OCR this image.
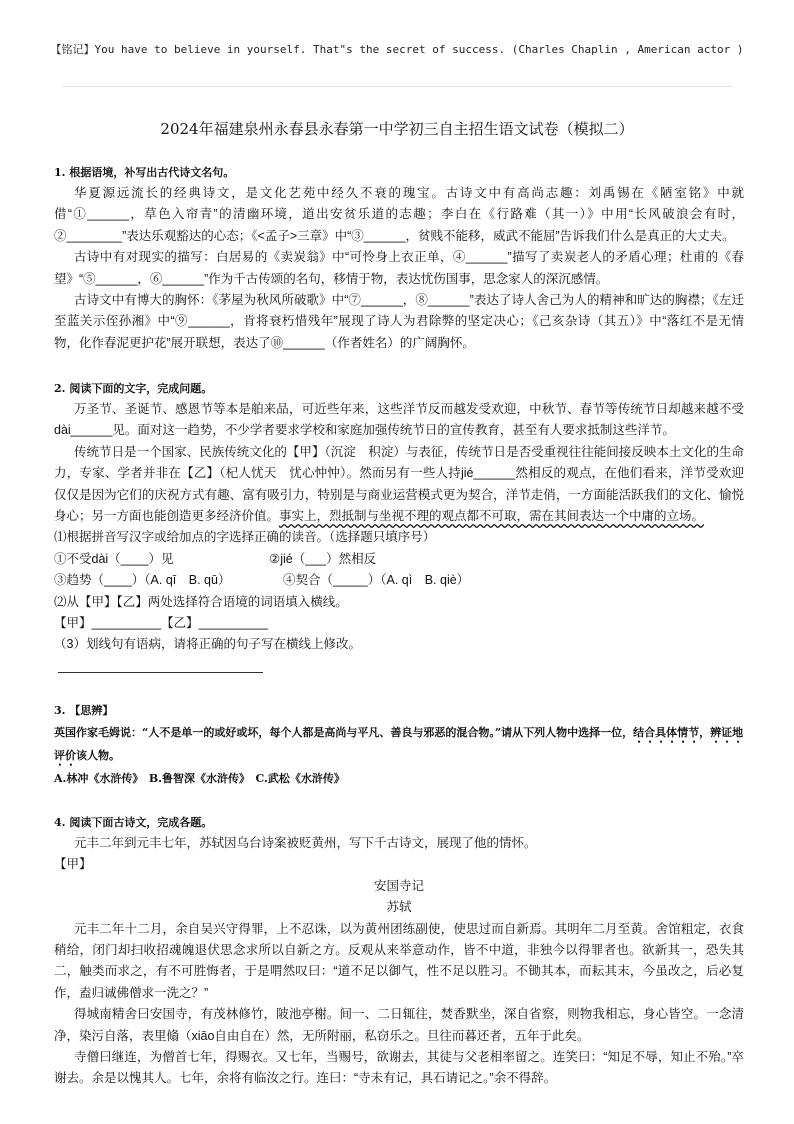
【铭记】You have to believe in yourself. That"s the secret of success. (Charles Chaplin , American actor )
2024年福建泉州永春县永春第一中学初三自主招生语文试卷（模拟二）
1. 根据语境，补写出古代诗文名句。

华夏源远流长的经典诗文，是文化艺苑中经久不衰的瑰宝。古诗文中有高尚志趣：刘禹锡在《陋室铭》中就借“①______，草色入帘青”的清幽环境，道出安贫乐道的志趣；李白在《行路难（其一）》中用“长风破浪会有时，②________”表达乐观豁达的心态；《<孟子>三章》中“③______，贫贱不能移，威武不能屈”告诉我们什么是真正的大丈夫。

古诗中有对现实的描写：白居易的《卖炭翁》中“可怜身上衣正单，④______”描写了卖炭老人的矛盾心理；杜甫的《春望》“⑤______，⑥______”作为千古传颂的名句，移情于物，表达忧伤国事，思念家人的深沉感情。

古诗文中有博大的胸怀：《茅屋为秋风所破歌》中“⑦______，⑧______”表达了诗人舍己为人的精神和旷达的胸襟；《左迁至蓝关示侄孙湘》中“⑨______，肯将衰朽惜残年”展现了诗人为君除弊的坚定决心；《己亥杂诗（其五）》中“落红不是无情物，化作春泥更护花”展开联想，表达了⑩______（作者姓名）的广阔胸怀。

2. 阅读下面的文字，完成问题。

万圣节、圣诞节、感恩节等本是舶来品，可近些年来，这些洋节反而越发受欢迎，中秋节、春节等传统节日却越来越不受dài______见。面对这一趋势，不少学者要求学校和家庭加强传统节日的宣传教育，甚至有人要求抵制这些洋节。

传统节日是一个国家、民族传统文化的【甲】（沉淀　积淀）与表征，传统节日是否受重视往往能间接反映本土文化的生命力，专家、学者并非在【乙】（杞人忧天　忧心忡忡）。然而另有一些人持jié______然相反的观点，在他们看来，洋节受欢迎仅仅是因为它们的庆祝方式有趣、富有吸引力，特别是与商业运营模式更为契合，洋节走俏，一方面能活跃我们的文化、愉悦身心；另一方面也能创造更多经济价值。事实上，烈抵制与坐视不理的观点都不可取，需在其间表达一个中庸的立场。

⑴根据拼音写汉字或给加点的字选择正确的读音。（选择题只填序号）

①不受dài（____）见	②jié（___）然相反

③趋势（____）（A. qī　B. qū）	④契合（_____）（A. qì　B. qiè）

⑵从【甲】【乙】两处选择符合语境的词语填入横线。

【甲】__________【乙】__________

（3）划线句有语病，请将正确的句子写在横线上修改。

3. 【思辨】

英国作家毛姆说：“人不是单一的或好或坏，每个人都是高尚与平凡、善良与邪恶的混合物。”请从下列人物中选择一位，结合具体情节，辨证地评价该人物。

A.林冲《水浒传》　B.鲁智深《水浒传》　C.武松《水浒传》

4. 阅读下面古诗文，完成各题。

元丰二年到元丰七年，苏轼因乌台诗案被贬黄州，写下千古诗文，展现了他的情怀。

【甲】

安国寺记

苏轼

元丰二年十二月，余自吴兴守得罪，上不忍诛，以为黄州团练副使，使思过而自新焉。其明年二月至黄。舍馆粗定，衣食稍给，闭门却扫收招魂魄退伏思念求所以自新之方。反观从来举意动作，皆不中道，非独今以得罪者也。欲新其一，恐失其二，触类而求之，有不可胜悔者，于是喟然叹曰：“道不足以御气，性不足以胜习。不锄其本，而耘其末，今虽改之，后必复作，盍归诚佛僧求一洗之？”

得城南精舍曰安国寺，有茂林修竹，陂池亭榭。间一、二日辄往，焚香默坐，深自省察，则物我相忘，身心皆空。一念清净，染污自落，表里翛（xiāo自由自在）然，无所附丽，私窃乐之。旦往而暮还者，五年于此矣。

寺僧曰继连，为僧首七年，得赐衣。又七年，当赐号，欲谢去，其徒与父老相率留之。连笑曰：“知足不辱，知止不殆。”卒谢去。余是以愧其人。七年，余将有临汝之行。连曰：“寺未有记，具石请记之。”余不得辞。
